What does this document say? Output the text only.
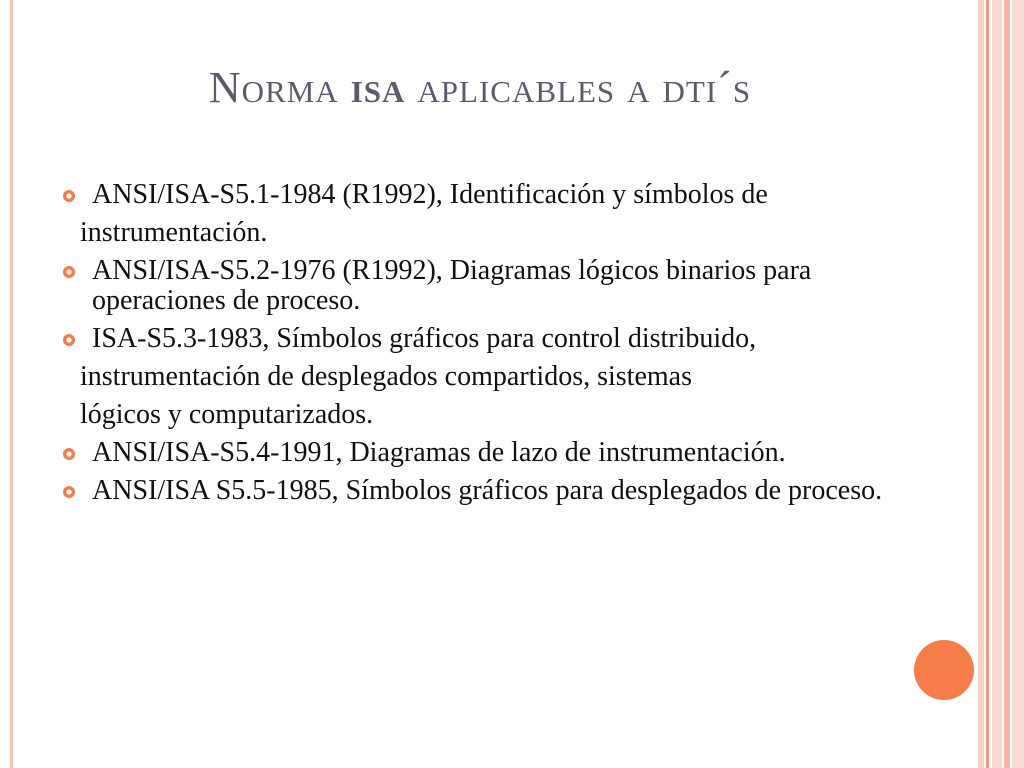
Norma isa aplicables a dti´s
ANSI/ISA-S5.1-1984 (R1992), Identificación y símbolos de
instrumentación.
ANSI/ISA-S5.2-1976 (R1992), Diagramas lógicos binarios para operaciones de proceso.
ISA-S5.3-1983, Símbolos gráficos para control distribuido,
instrumentación de desplegados compartidos, sistemas
lógicos y computarizados.
ANSI/ISA-S5.4-1991, Diagramas de lazo de instrumentación.
ANSI/ISA S5.5-1985, Símbolos gráficos para desplegados de proceso.
